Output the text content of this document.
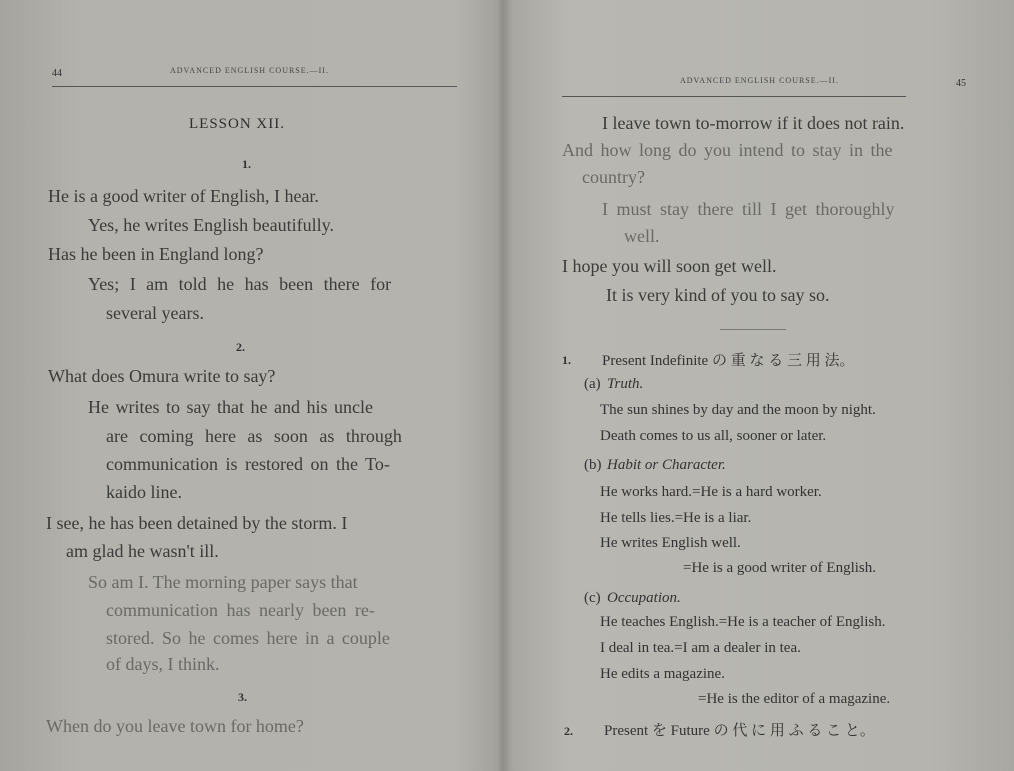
44	ADVANCED ENGLISH COURSE.—II.
LESSON XII.
1.
He is a good writer of English, I hear.
Yes, he writes English beautifully.
Has he been in England long?
Yes; I am told he has been there for
several years.
2.
What does Omura write to say?
He writes to say that he and his uncle
are coming here as soon as through
communication is restored on the To-
kaido line.
I see, he has been detained by the storm. I
am glad he wasn't ill.
So am I. The morning paper says that
communication has nearly been re-
stored. So he comes here in a couple
of days, I think.
3.
When do you leave town for home?
ADVANCED ENGLISH COURSE.—II.	45
I leave town to-morrow if it does not rain.
And how long do you intend to stay in the
country?
I must stay there till I get thoroughly
well.
I hope you will soon get well.
It is very kind of you to say so.
1. Present Indefinite の 重 な る 三 用 法。
(a) Truth.
The sun shines by day and the moon by night.
Death comes to us all, sooner or later.
(b) Habit or Character.
He works hard.=He is a hard worker.
He tells lies.=He is a liar.
He writes English well.
=He is a good writer of English.
(c) Occupation.
He teaches English.=He is a teacher of English.
I deal in tea.=I am a dealer in tea.
He edits a magazine.
=He is the editor of a magazine.
2. Present を Future の 代 に 用 ふ る こ と。
